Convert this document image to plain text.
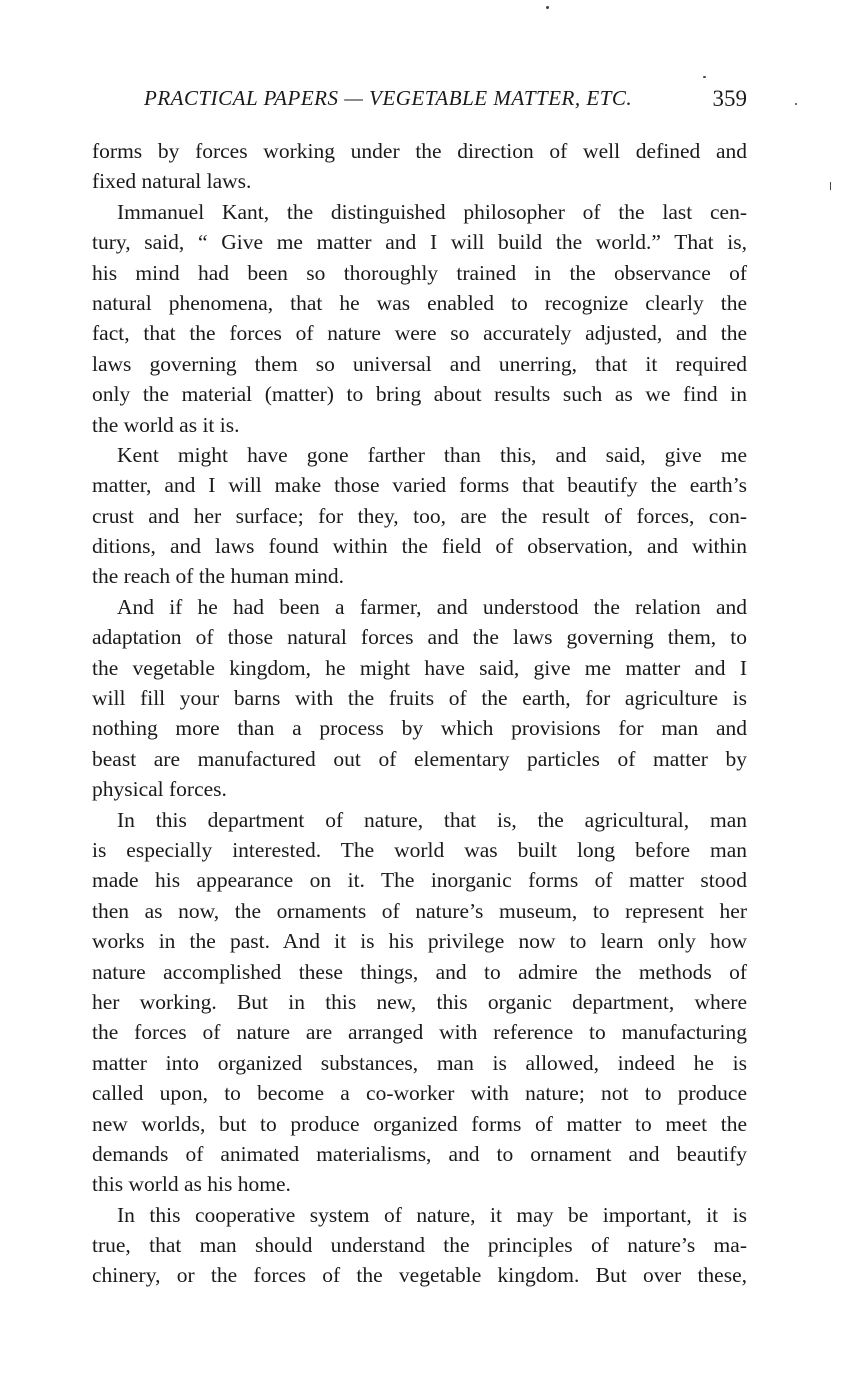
PRACTICAL PAPERS — VEGETABLE MATTER, ETC.	359
forms by forces working under the direction of well defined and
fixed natural laws.
Immanuel Kant, the distinguished philosopher of the last cen-
tury, said, “ Give me matter and I will build the world.” That is,
his mind had been so thoroughly trained in the observance of
natural phenomena, that he was enabled to recognize clearly the
fact, that the forces of nature were so accurately adjusted, and the
laws governing them so universal and unerring, that it required
only the material (matter) to bring about results such as we find in
the world as it is.
Kent might have gone farther than this, and said, give me
matter, and I will make those varied forms that beautify the earth’s
crust and her surface; for they, too, are the result of forces, con-
ditions, and laws found within the field of observation, and within
the reach of the human mind.
And if he had been a farmer, and understood the relation and
adaptation of those natural forces and the laws governing them, to
the vegetable kingdom, he might have said, give me matter and I
will fill your barns with the fruits of the earth, for agriculture is
nothing more than a process by which provisions for man and
beast are manufactured out of elementary particles of matter by
physical forces.
In this department of nature, that is, the agricultural, man
is especially interested. The world was built long before man
made his appearance on it. The inorganic forms of matter stood
then as now, the ornaments of nature’s museum, to represent her
works in the past. And it is his privilege now to learn only how
nature accomplished these things, and to admire the methods of
her working. But in this new, this organic department, where
the forces of nature are arranged with reference to manufacturing
matter into organized substances, man is allowed, indeed he is
called upon, to become a co-worker with nature; not to produce
new worlds, but to produce organized forms of matter to meet the
demands of animated materialisms, and to ornament and beautify
this world as his home.
In this cooperative system of nature, it may be important, it is
true, that man should understand the principles of nature’s ma-
chinery, or the forces of the vegetable kingdom. But over these,
